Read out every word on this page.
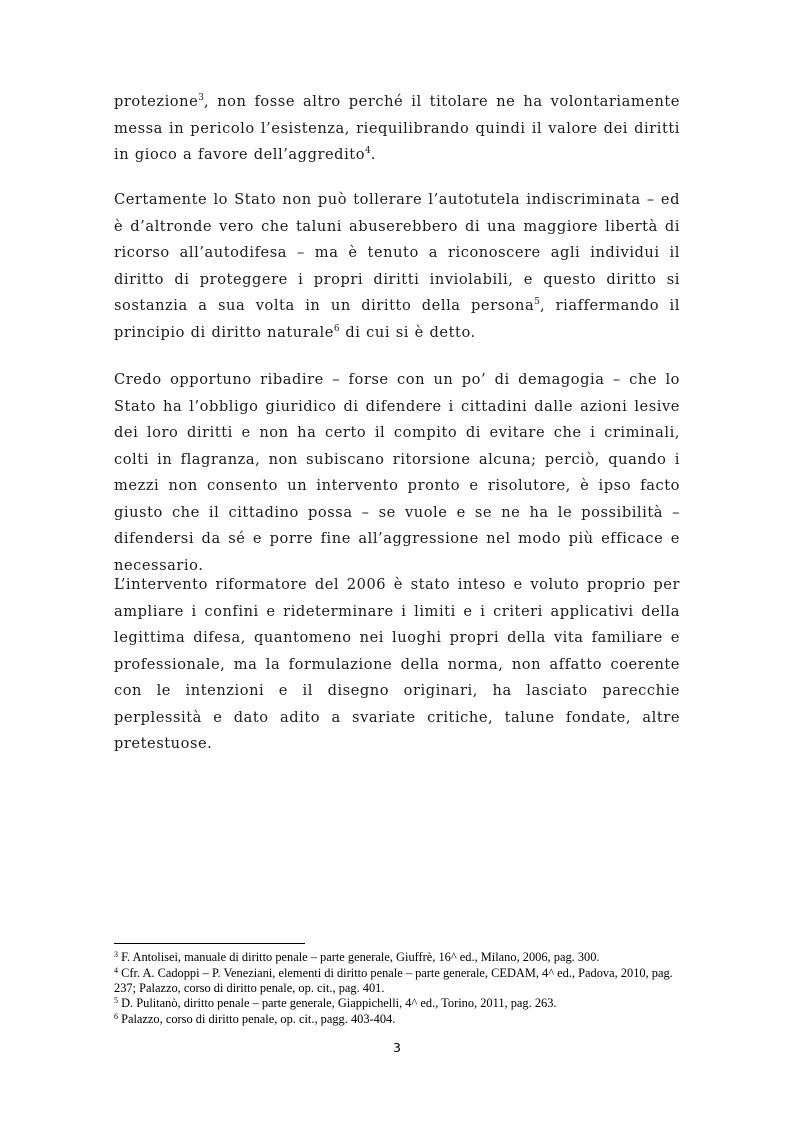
protezione$^3$, non fosse altro perché il titolare ne ha volontariamente messa in pericolo l’esistenza, riequilibrando quindi il valore dei diritti in gioco a favore dell’aggredito$^4$.

Certamente lo Stato non può tollerare l’autotutela indiscriminata – ed è d’altronde vero che taluni abuserebbero di una maggiore libertà di ricorso all’autodifesa – ma è tenuto a riconoscere agli individui il diritto di proteggere i propri diritti inviolabili, e questo diritto si sostanzia a sua volta in un diritto della persona$^5$, riaffermando il principio di diritto naturale$^6$ di cui si è detto.

Credo opportuno ribadire – forse con un po’ di demagogia – che lo Stato ha l’obbligo giuridico di difendere i cittadini dalle azioni lesive dei loro diritti e non ha certo il compito di evitare che i criminali, colti in flagranza, non subiscano ritorsione alcuna; perciò, quando i mezzi non consento un intervento pronto e risolutore, è ipso facto giusto che il cittadino possa – se vuole e se ne ha le possibilità – difendersi da sé e porre fine all’aggressione nel modo più efficace e necessario.

L’intervento riformatore del 2006 è stato inteso e voluto proprio per ampliare i confini e rideterminare i limiti e i criteri applicativi della legittima difesa, quantomeno nei luoghi propri della vita familiare e professionale, ma la formulazione della norma, non affatto coerente con le intenzioni e il disegno originari, ha lasciato parecchie perplessità e dato adito a svariate critiche, talune fondate, altre pretestuose.

$^3$ F. Antolisei, manuale di diritto penale – parte generale, Giuffrè, 16^ ed., Milano, 2006, pag. 300.

$^4$ Cfr. A. Cadoppi – P. Veneziani, elementi di diritto penale – parte generale, CEDAM, 4^ ed., Padova, 2010, pag. 237; Palazzo, corso di diritto penale, op. cit., pag. 401.

$^5$ D. Pulitanò, diritto penale – parte generale, Giappichelli, 4^ ed., Torino, 2011, pag. 263.

$^6$ Palazzo, corso di diritto penale, op. cit., pagg. 403-404.

3
